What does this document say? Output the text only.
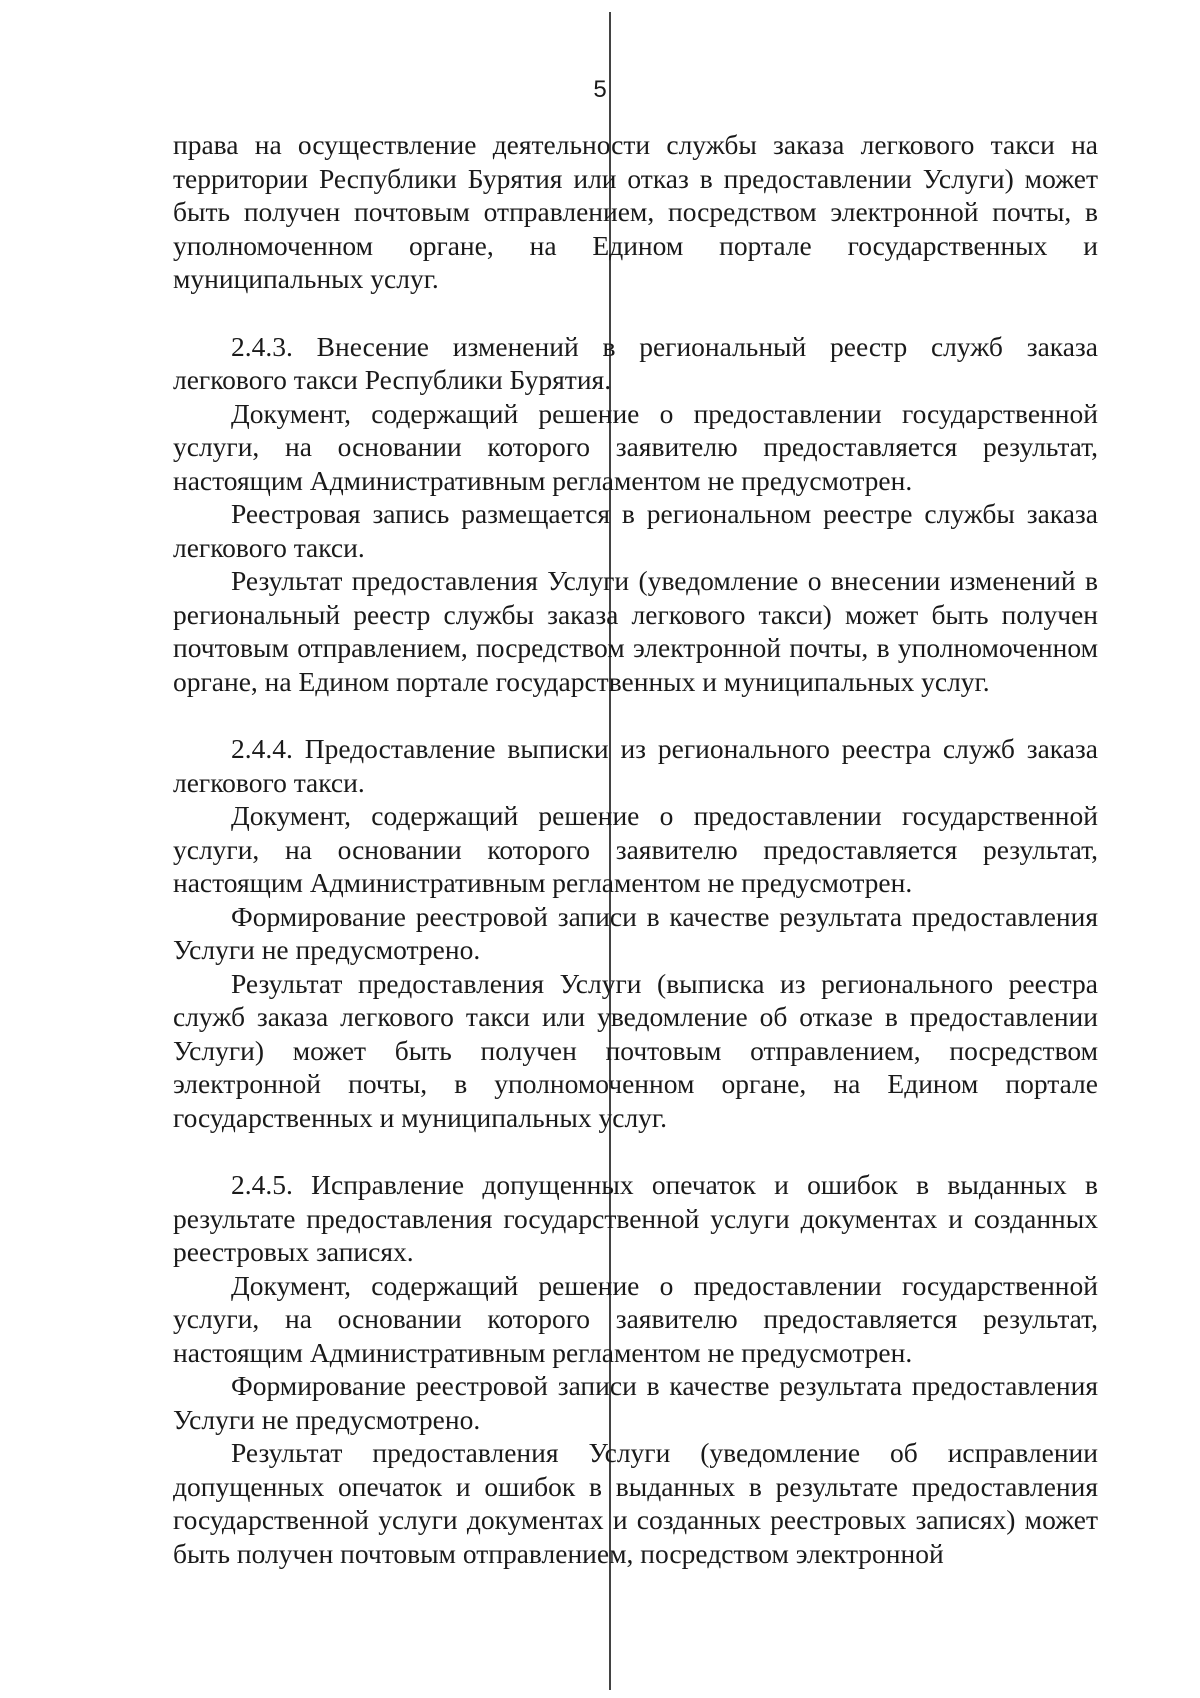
5

права на осуществление деятельности службы заказа легкового такси на территории Республики Бурятия или отказ в предоставлении Услуги) может быть получен почтовым отправлением, посредством электронной почты, в уполномоченном органе, на Едином портале государственных и муниципальных услуг.

2.4.3. Внесение изменений в региональный реестр служб заказа легкового такси Республики Бурятия.

Документ, содержащий решение о предоставлении государственной услуги, на основании которого заявителю предоставляется результат, настоящим Административным регламентом не предусмотрен.

Реестровая запись размещается в региональном реестре службы заказа легкового такси.

Результат предоставления Услуги (уведомление о внесении изменений в региональный реестр службы заказа легкового такси) может быть получен почтовым отправлением, посредством электронной почты, в уполномоченном органе, на Едином портале государственных и муниципальных услуг.

2.4.4. Предоставление выписки из регионального реестра служб заказа легкового такси.

Документ, содержащий решение о предоставлении государственной услуги, на основании которого заявителю предоставляется результат, настоящим Административным регламентом не предусмотрен.

Формирование реестровой записи в качестве результата предоставления Услуги не предусмотрено.

Результат предоставления Услуги (выписка из регионального реестра служб заказа легкового такси или уведомление об отказе в предоставлении Услуги) может быть получен почтовым отправлением, посредством электронной почты, в уполномоченном органе, на Едином портале государственных и муниципальных услуг.

2.4.5. Исправление допущенных опечаток и ошибок в выданных в результате предоставления государственной услуги документах и созданных реестровых записях.

Документ, содержащий решение о предоставлении государственной услуги, на основании которого заявителю предоставляется результат, настоящим Административным регламентом не предусмотрен.

Формирование реестровой записи в качестве результата предоставления Услуги не предусмотрено.

Результат предоставления Услуги (уведомление об исправлении допущенных опечаток и ошибок в выданных в результате предоставления государственной услуги документах и созданных реестровых записях) может быть получен почтовым отправлением, посредством электронной
